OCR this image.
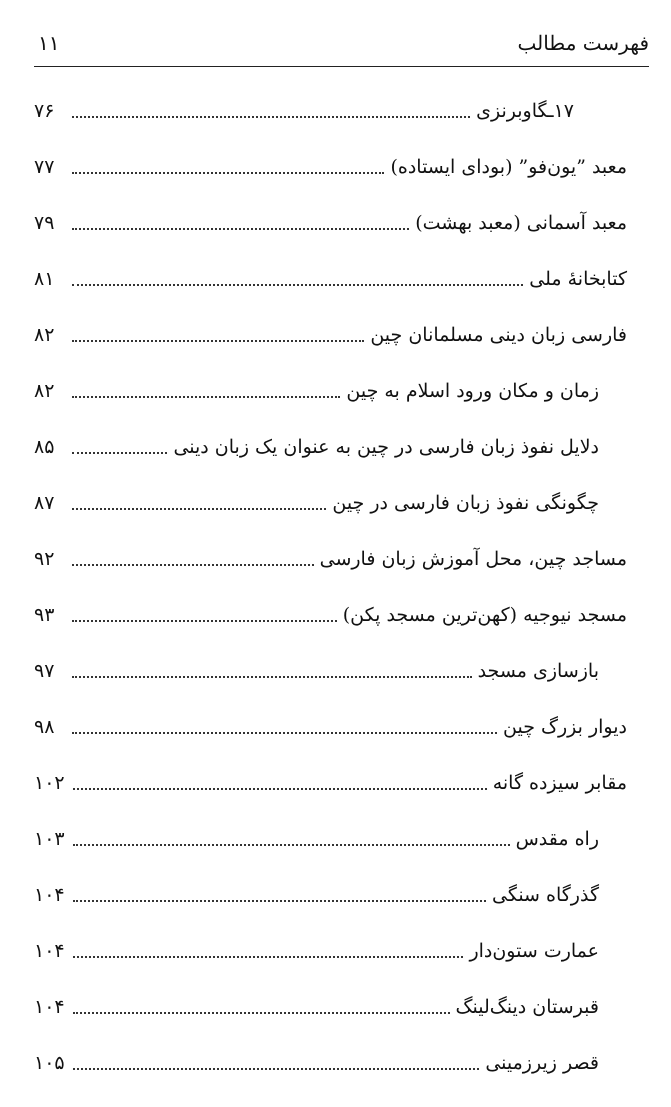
فهرست مطالب
۱۱
۱۷ـگاوبرنزی
۷۶
معبد ”یون‌فو” (بودای ایستاده)
۷۷
معبد آسمانی (معبد بهشت)
۷۹
کتابخانهٔ ملی
۸۱
فارسی زبان دینی مسلمانان چین
۸۲
زمان و مکان ورود اسلام به چین
۸۲
دلایل نفوذ زبان فارسی در چین به عنوان یک زبان دینی
۸۵
چگونگی نفوذ زبان فارسی در چین
۸۷
مساجد چین، محل آموزش زبان فارسی
۹۲
مسجد نیوجیه (کهن‌ترین مسجد پکن)
۹۳
بازسازی مسجد
۹۷
دیوار بزرگ چین
۹۸
مقابر سیزده گانه
۱۰۲
راه مقدس
۱۰۳
گذرگاه سنگی
۱۰۴
عمارت ستون‌دار
۱۰۴
قبرستان دینگ‌لینگ
۱۰۴
قصر زیرزمینی
۱۰۵
